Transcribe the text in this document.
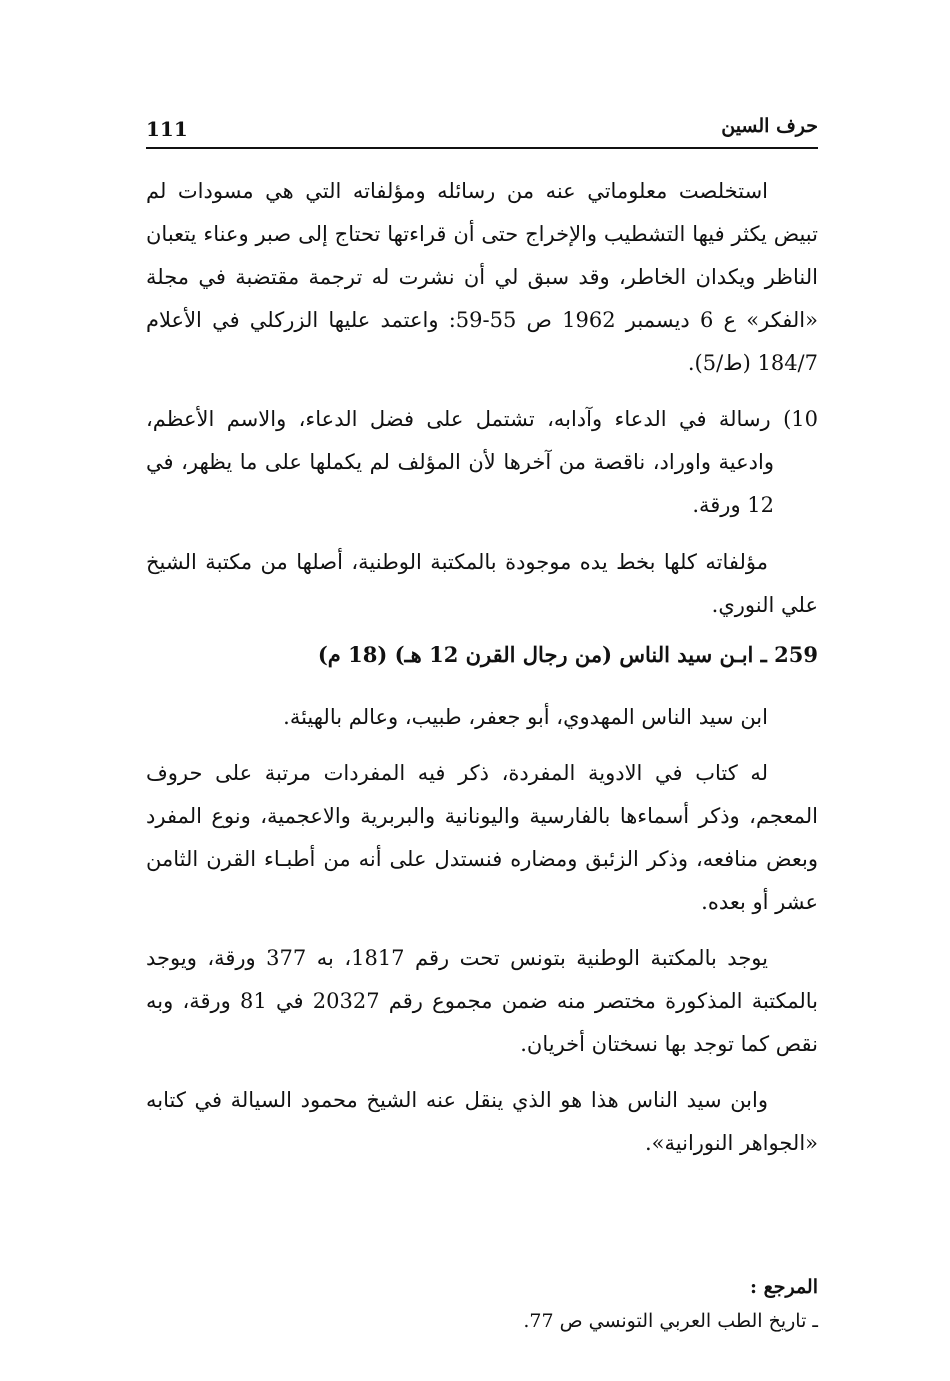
حرف السين
111

استخلصت معلوماتي عنه من رسائله ومؤلفاته التي هي مسودات لم تبيض يكثر فيها التشطيب والإخراج حتى أن قراءتها تحتاج إلى صبر وعناء يتعبان الناظر ويكدان الخاطر، وقد سبق لي أن نشرت له ترجمة مقتضبة في مجلة «الفكر» ع 6 ديسمبر 1962 ص 55-59: واعتمد عليها الزركلي في الأعلام 184/7 (ط/5).

10) رسالة في الدعاء وآدابه، تشتمل على فضل الدعاء، والاسم الأعظم، وادعية واوراد، ناقصة من آخرها لأن المؤلف لم يكملها على ما يظهر، في 12 ورقة.

مؤلفاته كلها بخط يده موجودة بالمكتبة الوطنية، أصلها من مكتبة الشيخ علي النوري.

259 ـ ابـن سيد الناس (من رجال القرن 12 هـ) (18 م)

ابن سيد الناس المهدوي، أبو جعفر، طبيب، وعالم بالهيئة.

له كتاب في الادوية المفردة، ذكر فيه المفردات مرتبة على حروف المعجم، وذكر أسماءها بالفارسية واليونانية والبربرية والاعجمية، ونوع المفرد وبعض منافعه، وذكر الزئبق ومضاره فنستدل على أنه من أطبـاء القرن الثامن عشر أو بعده.

يوجد بالمكتبة الوطنية بتونس تحت رقم 1817، به 377 ورقة، ويوجد بالمكتبة المذكورة مختصر منه ضمن مجموع رقم 20327 في 81 ورقة، وبه نقص كما توجد بها نسختان أخريان.

وابن سيد الناس هذا هو الذي ينقل عنه الشيخ محمود السيالة في كتابه «الجواهر النورانية».

المرجع :
ـ تاريخ الطب العربي التونسي ص 77.
